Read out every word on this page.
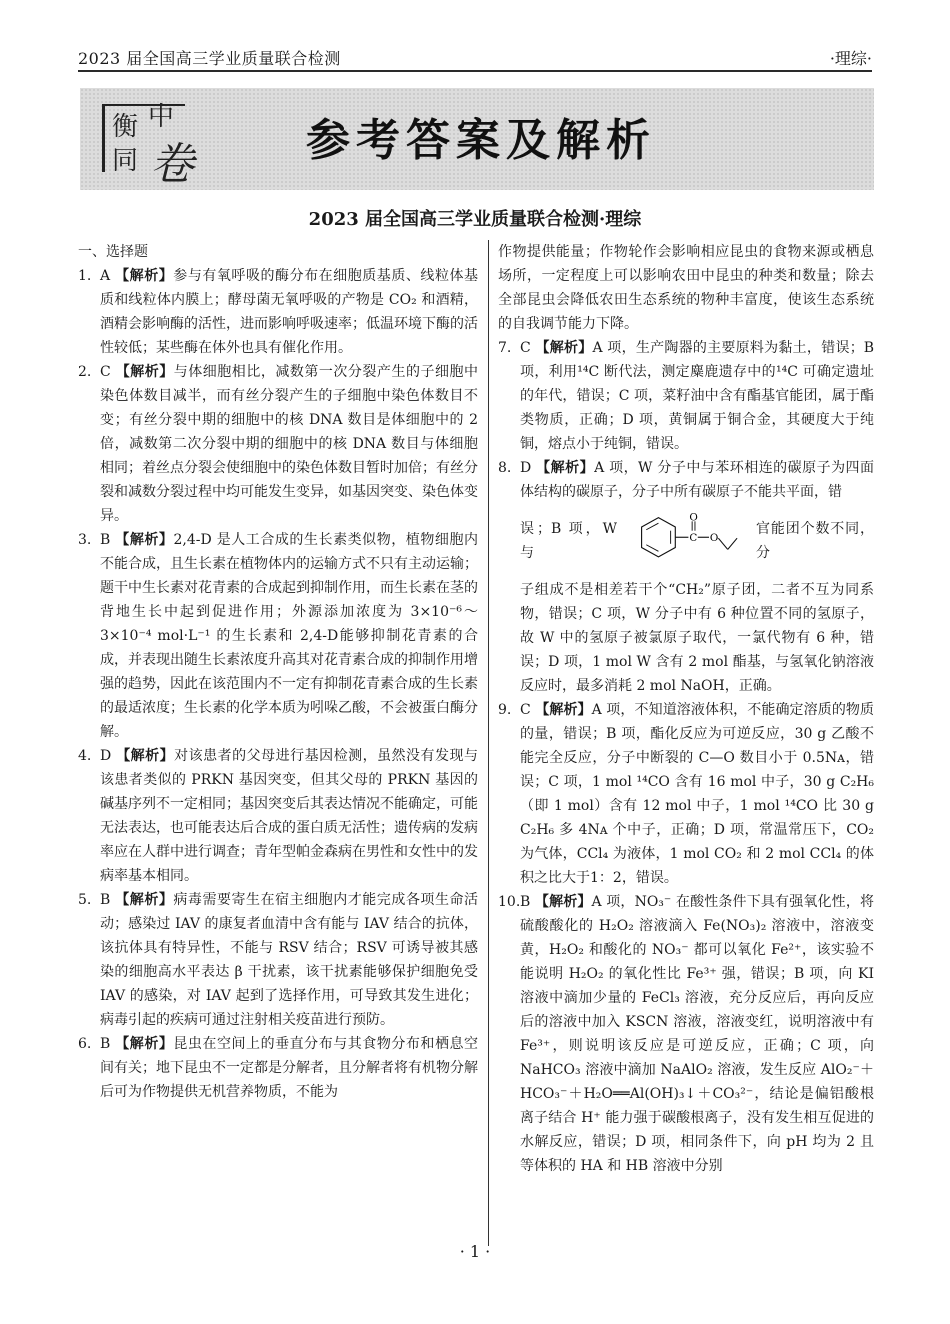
2023 届全国高三学业质量联合检测	·理综·
衡 中
同 卷	参考答案及解析
2023 届全国高三学业质量联合检测·理综

一、选择题

1. A 【解析】参与有氧呼吸的酶分布在细胞质基质、线粒体基质和线粒体内膜上；酵母菌无氧呼吸的产物是 CO₂ 和酒精，酒精会影响酶的活性，进而影响呼吸速率；低温环境下酶的活性较低；某些酶在体外也具有催化作用。
2. C 【解析】与体细胞相比，减数第一次分裂产生的子细胞中染色体数目减半，而有丝分裂产生的子细胞中染色体数目不变；有丝分裂中期的细胞中的核 DNA 数目是体细胞中的 2 倍，减数第二次分裂中期的细胞中的核 DNA 数目与体细胞相同；着丝点分裂会使细胞中的染色体数目暂时加倍；有丝分裂和减数分裂过程中均可能发生变异，如基因突变、染色体变异。
3. B 【解析】2,4-D 是人工合成的生长素类似物，植物细胞内不能合成，且生长素在植物体内的运输方式不只有主动运输；题干中生长素对花青素的合成起到抑制作用，而生长素在茎的背地生长中起到促进作用；外源添加浓度为 3×10⁻⁶～3×10⁻⁴ mol·L⁻¹ 的生长素和 2,4-D能够抑制花青素的合成，并表现出随生长素浓度升高其对花青素合成的抑制作用增强的趋势，因此在该范围内不一定有抑制花青素合成的生长素的最适浓度；生长素的化学本质为吲哚乙酸，不会被蛋白酶分解。
4. D 【解析】对该患者的父母进行基因检测，虽然没有发现与该患者类似的 PRKN 基因突变，但其父母的 PRKN 基因的碱基序列不一定相同；基因突变后其表达情况不能确定，可能无法表达，也可能表达后合成的蛋白质无活性；遗传病的发病率应在人群中进行调查；青年型帕金森病在男性和女性中的发病率基本相同。
5. B 【解析】病毒需要寄生在宿主细胞内才能完成各项生命活动；感染过 IAV 的康复者血清中含有能与 IAV 结合的抗体，该抗体具有特异性，不能与 RSV 结合；RSV 可诱导被其感染的细胞高水平表达 β 干扰素，该干扰素能够保护细胞免受 IAV 的感染，对 IAV 起到了选择作用，可导致其发生进化；病毒引起的疾病可通过注射相关疫苗进行预防。
6. B 【解析】昆虫在空间上的垂直分布与其食物分布和栖息空间有关；地下昆虫不一定都是分解者，且分解者将有机物分解后可为作物提供无机营养物质，不能为

作物提供能量；作物轮作会影响相应昆虫的食物来源或栖息场所，一定程度上可以影响农田中昆虫的种类和数量；除去全部昆虫会降低农田生态系统的物种丰富度，使该生态系统的自我调节能力下降。

7. C 【解析】A 项，生产陶器的主要原料为黏土，错误；B 项，利用¹⁴C 断代法，测定麋鹿遗存中的¹⁴C 可确定遗址的年代，错误；C 项，菜籽油中含有酯基官能团，属于酯类物质，正确；D 项，黄铜属于铜合金，其硬度大于纯铜，熔点小于纯铜，错误。
8. D 【解析】A 项，W 分子中与苯环相连的碳原子为四面体结构的碳原子，分子中所有碳原子不能共平面，错
误；B 项，W 与
C
O
O
官能团个数不同，分
子组成不是相差若干个“CH₂”原子团，二者不互为同系物，错误；C 项，W 分子中有 6 种位置不同的氢原子，故 W 中的氢原子被氯原子取代，一氯代物有 6 种，错误；D 项，1 mol W 含有 2 mol 酯基，与氢氧化钠溶液反应时，最多消耗 2 mol NaOH，正确。
9. C 【解析】A 项，不知道溶液体积，不能确定溶质的物质的量，错误；B 项，酯化反应为可逆反应，30 g 乙酸不能完全反应，分子中断裂的 C—O 数目小于 0.5Nᴀ，错误；C 项，1 mol ¹⁴CO 含有 16 mol 中子，30 g C₂H₆（即 1 mol）含有 12 mol 中子，1 mol ¹⁴CO 比 30 g C₂H₆ 多 4Nᴀ 个中子，正确；D 项，常温常压下，CO₂ 为气体，CCl₄ 为液体，1 mol CO₂ 和 2 mol CCl₄ 的体积之比大于1：2，错误。
10. B 【解析】A 项，NO₃⁻ 在酸性条件下具有强氧化性，将硫酸酸化的 H₂O₂ 溶液滴入 Fe(NO₃)₂ 溶液中，溶液变黄，H₂O₂ 和酸化的 NO₃⁻ 都可以氧化 Fe²⁺，该实验不能说明 H₂O₂ 的氧化性比 Fe³⁺ 强，错误；B 项，向 KI 溶液中滴加少量的 FeCl₃ 溶液，充分反应后，再向反应后的溶液中加入 KSCN 溶液，溶液变红，说明溶液中有 Fe³⁺，则说明该反应是可逆反应，正确；C 项，向 NaHCO₃ 溶液中滴加 NaAlO₂ 溶液，发生反应 AlO₂⁻＋HCO₃⁻＋H₂O══Al(OH)₃↓＋CO₃²⁻，结论是偏铝酸根离子结合 H⁺ 能力强于碳酸根离子，没有发生相互促进的水解反应，错误；D 项，相同条件下，向 pH 均为 2 且等体积的 HA 和 HB 溶液中分别
· 1 ·
